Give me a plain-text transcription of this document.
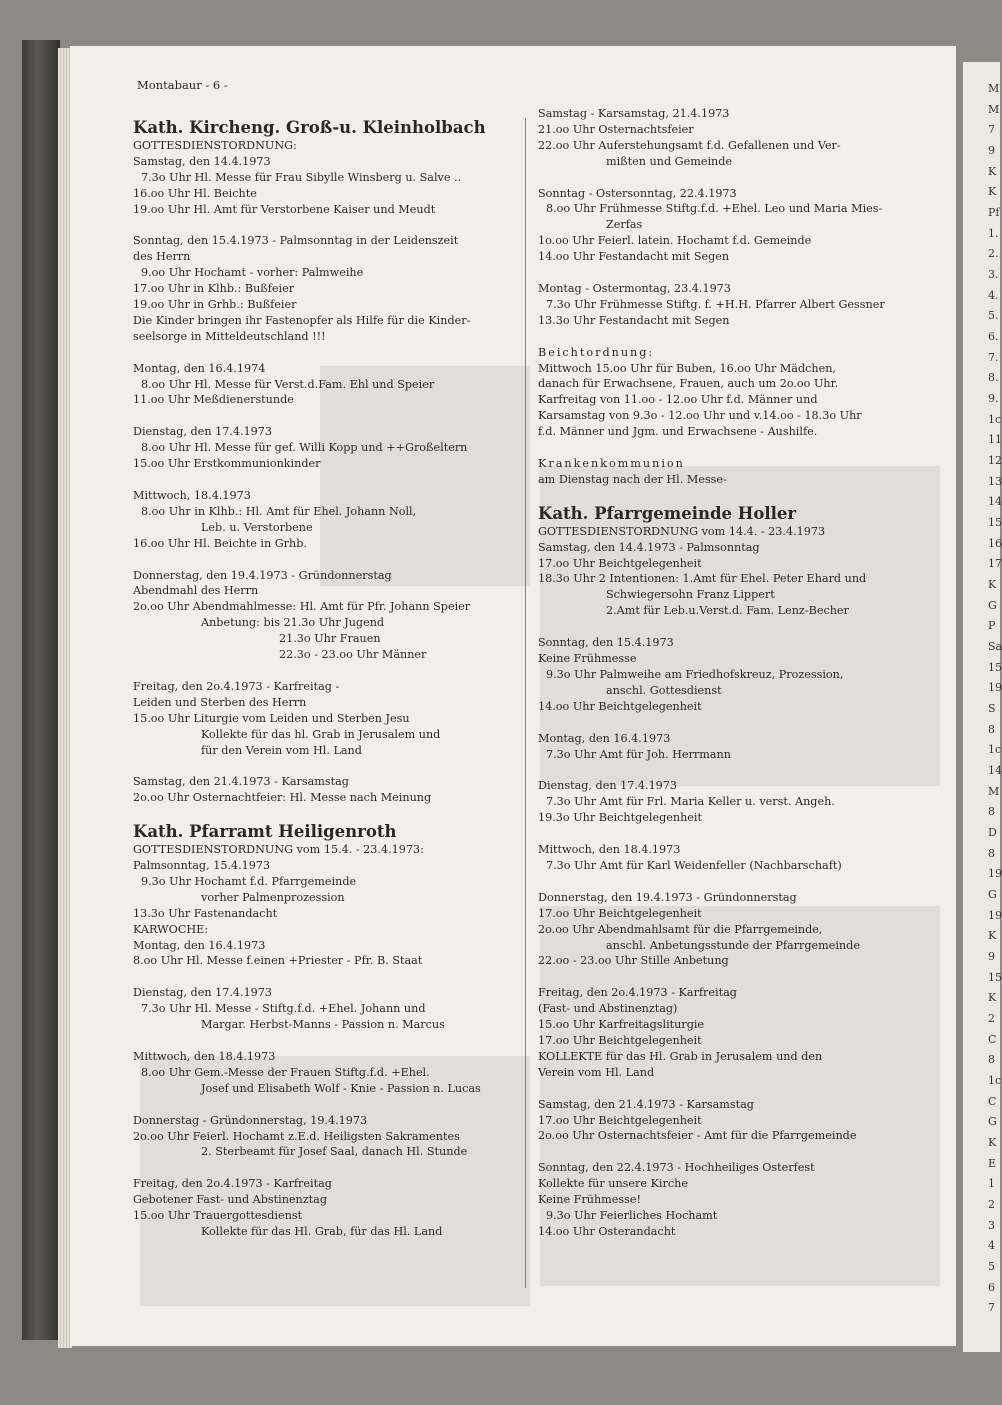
M
M
7
9
K
K
Pf
1.
2.
3.
4.
5.
6.
7.
8.
9.
1c
11
12
13
14
15
16
17
K
G
P
Sa
15
19
S
8
1c
14
M
8
D
8
19
G
19
K
9
15
K
2
C
8
1c
C
G
K
E
1
2
3
4
5
6
7
Montabaur - 6 -
Kath. Kircheng. Groß-u. Kleinholbach
GOTTESDIENSTORDNUNG:
Samstag, den 14.4.1973
7.3o Uhr Hl. Messe für Frau Sibylle Winsberg u. Salve ..
16.oo Uhr Hl. Beichte
19.oo Uhr Hl. Amt für Verstorbene Kaiser und Meudt
Sonntag, den 15.4.1973 - Palmsonntag in der Leidenszeit
des Herrn
9.oo Uhr Hochamt - vorher: Palmweihe
17.oo Uhr in Klhb.: Bußfeier
19.oo Uhr in Grhb.: Bußfeier
Die Kinder bringen ihr Fastenopfer als Hilfe für die Kinder-
seelsorge in Mitteldeutschland !!!
Montag, den 16.4.1974
8.oo Uhr Hl. Messe für Verst.d.Fam. Ehl und Speier
11.oo Uhr Meßdienerstunde
Dienstag, den 17.4.1973
8.oo Uhr Hl. Messe für gef. Willi Kopp und ++Großeltern
15.oo Uhr Erstkommunionkinder
Mittwoch, 18.4.1973
8.oo Uhr in Klhb.: Hl. Amt für Ehel. Johann Noll,
Leb. u. Verstorbene
16.oo Uhr Hl. Beichte in Grhb.
Donnerstag, den 19.4.1973 - Gründonnerstag
Abendmahl des Herrn
2o.oo Uhr Abendmahlmesse: Hl. Amt für Pfr. Johann Speier
Anbetung: bis 21.3o Uhr Jugend
21.3o Uhr Frauen
22.3o - 23.oo Uhr Männer
Freitag, den 2o.4.1973 - Karfreitag -
Leiden und Sterben des Herrn
15.oo Uhr Liturgie vom Leiden und Sterben Jesu
Kollekte für das hl. Grab in Jerusalem und
für den Verein vom Hl. Land
Samstag, den 21.4.1973 - Karsamstag
2o.oo Uhr Osternachtfeier: Hl. Messe nach Meinung
Kath. Pfarramt Heiligenroth
GOTTESDIENSTORDNUNG vom 15.4. - 23.4.1973:
Palmsonntag, 15.4.1973
9.3o Uhr Hochamt f.d. Pfarrgemeinde
vorher Palmenprozession
13.3o Uhr Fastenandacht
KARWOCHE:
Montag, den 16.4.1973
8.oo Uhr Hl. Messe f.einen +Priester - Pfr. B. Staat
Dienstag, den 17.4.1973
7.3o Uhr Hl. Messe - Stiftg.f.d. +Ehel. Johann und
Margar. Herbst-Manns - Passion n. Marcus
Mittwoch, den 18.4.1973
8.oo Uhr Gem.-Messe der Frauen Stiftg.f.d. +Ehel.
Josef und Elisabeth Wolf - Knie - Passion n. Lucas
Donnerstag - Gründonnerstag, 19.4.1973
2o.oo Uhr Feierl. Hochamt z.E.d. Heiligsten Sakramentes
2. Sterbeamt für Josef Saal, danach Hl. Stunde
Freitag, den 2o.4.1973 - Karfreitag
Gebotener Fast- und Abstinenztag
15.oo Uhr Trauergottesdienst
Kollekte für das Hl. Grab, für das Hl. Land
Samstag - Karsamstag, 21.4.1973
21.oo Uhr Osternachtsfeier
22.oo Uhr Auferstehungsamt f.d. Gefallenen und Ver-
mißten und Gemeinde
Sonntag - Ostersonntag, 22.4.1973
8.oo Uhr Frühmesse Stiftg.f.d. +Ehel. Leo und Maria Mies-
Zerfas
1o.oo Uhr Feierl. latein. Hochamt f.d. Gemeinde
14.oo Uhr Festandacht mit Segen
Montag - Ostermontag, 23.4.1973
7.3o Uhr Frühmesse Stiftg. f. +H.H. Pfarrer Albert Gessner
13.3o Uhr Festandacht mit Segen
Beichtordnung:
Mittwoch 15.oo Uhr für Buben, 16.oo Uhr Mädchen,
danach für Erwachsene, Frauen, auch um 2o.oo Uhr.
Karfreitag von 11.oo - 12.oo Uhr f.d. Männer und
Karsamstag von 9.3o - 12.oo Uhr und v.14.oo - 18.3o Uhr
f.d. Männer und Jgm. und Erwachsene - Aushilfe.
Krankenkommunion
am Dienstag nach der Hl. Messe-
Kath. Pfarrgemeinde Holler
GOTTESDIENSTORDNUNG vom 14.4. - 23.4.1973
Samstag, den 14.4.1973 - Palmsonntag
17.oo Uhr Beichtgelegenheit
18.3o Uhr 2 Intentionen: 1.Amt für Ehel. Peter Ehard und
Schwiegersohn Franz Lippert
2.Amt für Leb.u.Verst.d. Fam. Lenz-Becher
Sonntag, den 15.4.1973
Keine Frühmesse
9.3o Uhr Palmweihe am Friedhofskreuz, Prozession,
anschl. Gottesdienst
14.oo Uhr Beichtgelegenheit
Montag, den 16.4.1973
7.3o Uhr Amt für Joh. Herrmann
Dienstag, den 17.4.1973
7.3o Uhr Amt für Frl. Maria Keller u. verst. Angeh.
19.3o Uhr Beichtgelegenheit
Mittwoch, den 18.4.1973
7.3o Uhr Amt für Karl Weidenfeller (Nachbarschaft)
Donnerstag, den 19.4.1973 - Gründonnerstag
17.oo Uhr Beichtgelegenheit
2o.oo Uhr Abendmahlsamt für die Pfarrgemeinde,
anschl. Anbetungsstunde der Pfarrgemeinde
22.oo - 23.oo Uhr Stille Anbetung
Freitag, den 2o.4.1973 - Karfreitag
(Fast- und Abstinenztag)
15.oo Uhr Karfreitagsliturgie
17.oo Uhr Beichtgelegenheit
KOLLEKTE für das Hl. Grab in Jerusalem und den
Verein vom Hl. Land
Samstag, den 21.4.1973 - Karsamstag
17.oo Uhr Beichtgelegenheit
2o.oo Uhr Osternachtsfeier - Amt für die Pfarrgemeinde
Sonntag, den 22.4.1973 - Hochheiliges Osterfest
Kollekte für unsere Kirche
Keine Frühmesse!
9.3o Uhr Feierliches Hochamt
14.oo Uhr Osterandacht
